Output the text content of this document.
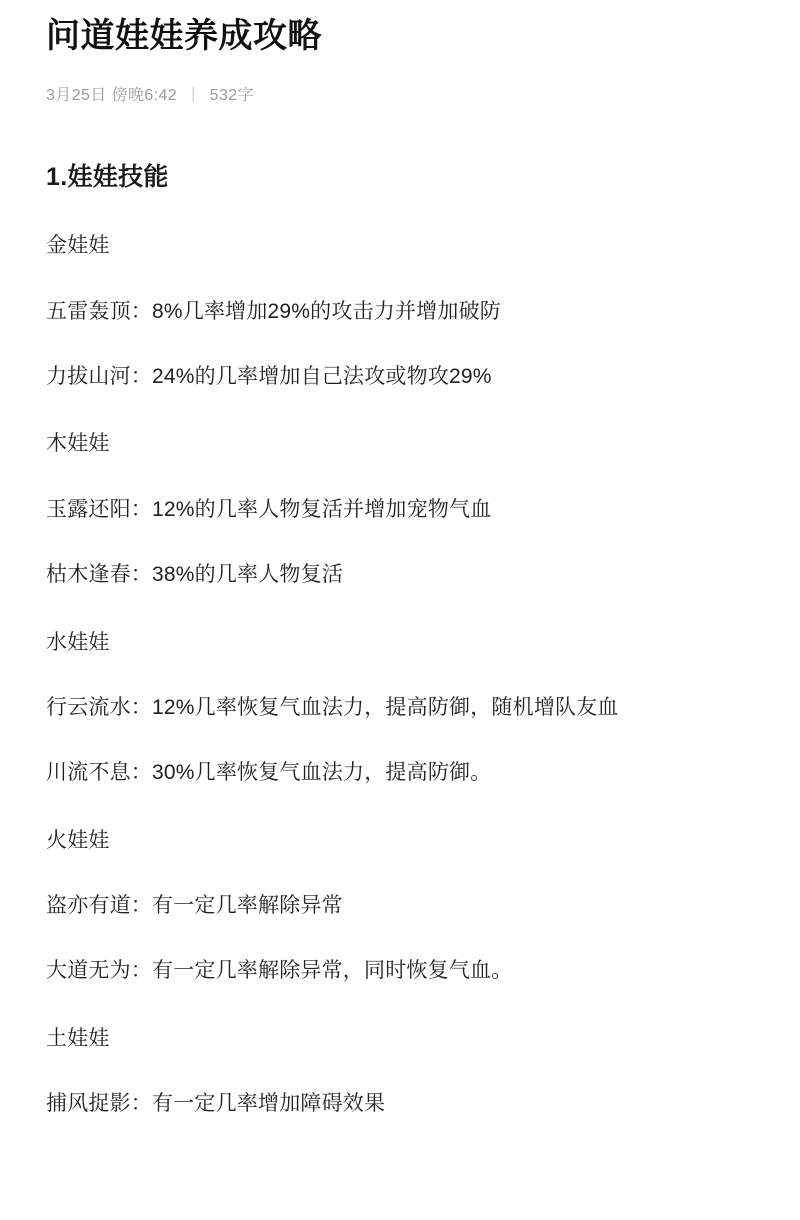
问道娃娃养成攻略
3月25日 傍晚6:42 | 532字
1.娃娃技能

金娃娃

五雷轰顶：8%几率增加29%的攻击力并增加破防

力拔山河：24%的几率增加自己法攻或物攻29%

木娃娃

玉露还阳：12%的几率人物复活并增加宠物气血

枯木逢春：38%的几率人物复活

水娃娃

行云流水：12%几率恢复气血法力，提高防御，随机增队友血

川流不息：30%几率恢复气血法力，提高防御。

火娃娃

盗亦有道：有一定几率解除异常

大道无为：有一定几率解除异常，同时恢复气血。

土娃娃

捕风捉影：有一定几率增加障碍效果
